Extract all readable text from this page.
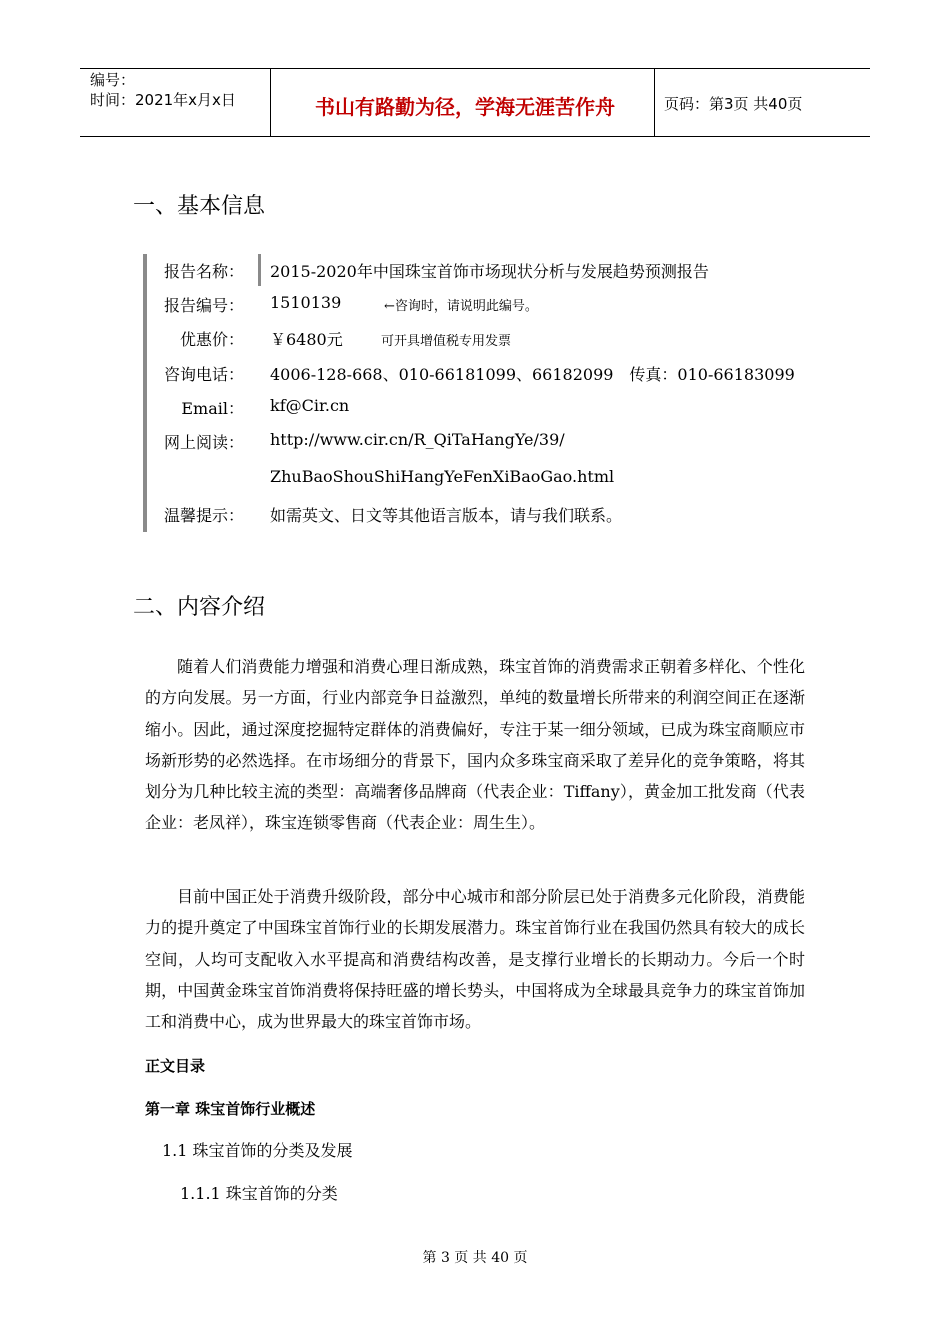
编号：
时间：2021年x月x日	书山有路勤为径，学海无涯苦作舟	页码：第3页 共40页
一、基本信息
报告名称： 2015-2020年中国珠宝首饰市场现状分析与发展趋势预测报告
报告编号： 1510139	←咨询时，请说明此编号。
优惠价： ￥6480元	可开具增值税专用发票
咨询电话： 4006-128-668、010-66181099、66182099　传真：010-66183099
Email： kf@Cir.cn
网上阅读： http://www.cir.cn/R_QiTaHangYe/39/
ZhuBaoShouShiHangYeFenXiBaoGao.html
温馨提示： 如需英文、日文等其他语言版本，请与我们联系。
二、内容介绍

随着人们消费能力增强和消费心理日渐成熟，珠宝首饰的消费需求正朝着多样化、个性化的方向发展。另一方面，行业内部竞争日益激烈，单纯的数量增长所带来的利润空间正在逐渐缩小。因此，通过深度挖掘特定群体的消费偏好，专注于某一细分领域，已成为珠宝商顺应市场新形势的必然选择。在市场细分的背景下，国内众多珠宝商采取了差异化的竞争策略，将其划分为几种比较主流的类型：高端奢侈品牌商（代表企业：Tiffany），黄金加工批发商（代表企业：老凤祥），珠宝连锁零售商（代表企业：周生生）。

目前中国正处于消费升级阶段，部分中心城市和部分阶层已处于消费多元化阶段，消费能力的提升奠定了中国珠宝首饰行业的长期发展潜力。珠宝首饰行业在我国仍然具有较大的成长空间，人均可支配收入水平提高和消费结构改善，是支撑行业增长的长期动力。今后一个时期，中国黄金珠宝首饰消费将保持旺盛的增长势头，中国将成为全球最具竞争力的珠宝首饰加工和消费中心，成为世界最大的珠宝首饰市场。

正文目录
第一章 珠宝首饰行业概述
1.1 珠宝首饰的分类及发展
1.1.1 珠宝首饰的分类
第 3 页 共 40 页
